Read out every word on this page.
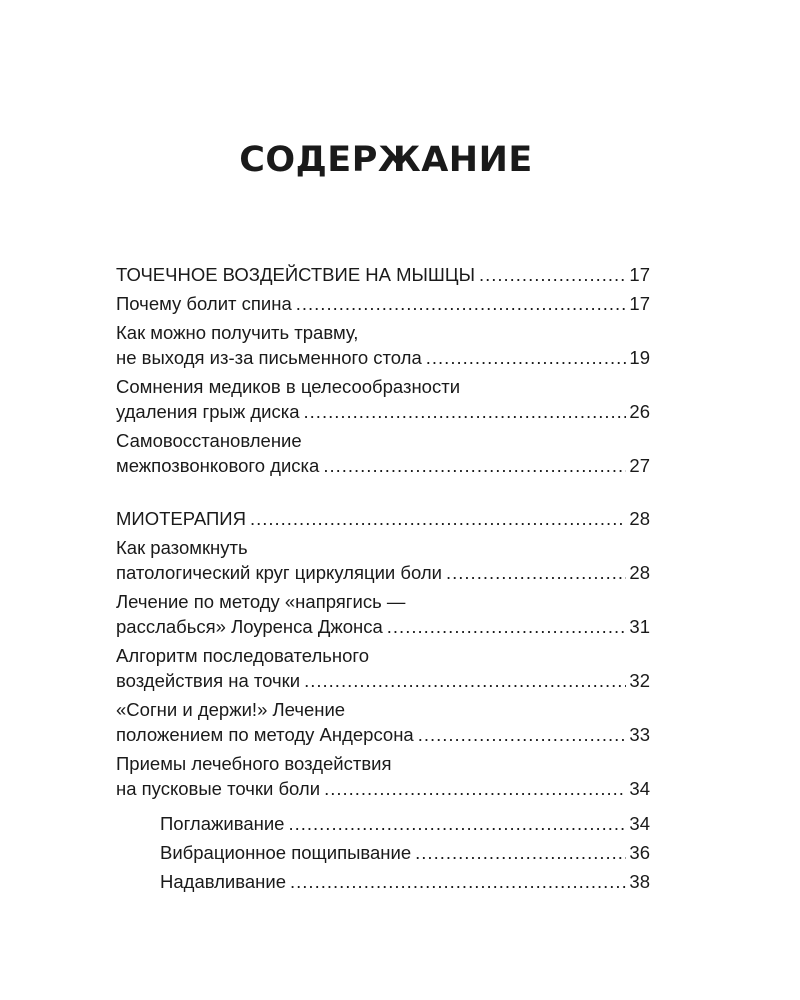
СОДЕРЖАНИЕ
ТОЧЕЧНОЕ ВОЗДЕЙСТВИЕ НА МЫШЦЫ .....	17
Почему болит спина .....	17
Как можно получить травму,
не выходя из-за письменного стола .....	19
Сомнения медиков в целесообразности
удаления грыж диска .....	26
Самовосстановление
межпозвонкового диска .....	27
МИОТЕРАПИЯ .....	28
Как разомкнуть
патологический круг циркуляции боли .....	28
Лечение по методу «напрягись —
расслабься» Лоуренса Джонса .....	31
Алгоритм последовательного
воздействия на точки .....	32
«Согни и держи!» Лечение
положением по методу Андерсона .....	33
Приемы лечебного воздействия
на пусковые точки боли .....	34
Поглаживание .....	34
Вибрационное пощипывание .....	36
Надавливание .....	38
